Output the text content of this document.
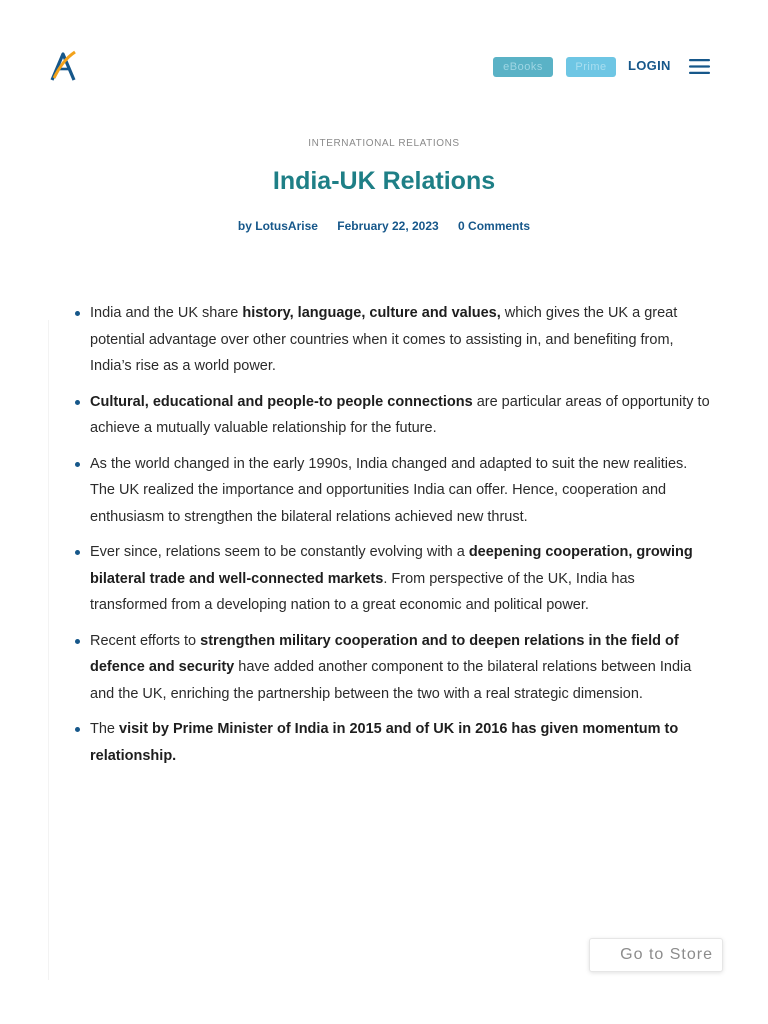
eBooks	Prime	LOGIN
INTERNATIONAL RELATIONS
India-UK Relations
by LotusArise February 22, 2023 0 Comments
India and the UK share history, language, culture and values, which gives the UK a great potential advantage over other countries when it comes to assisting in, and benefiting from, India’s rise as a world power.
Cultural, educational and people-to people connections are particular areas of opportunity to achieve a mutually valuable relationship for the future.
As the world changed in the early 1990s, India changed and adapted to suit the new realities. The UK realized the importance and opportunities India can offer. Hence, cooperation and enthusiasm to strengthen the bilateral relations achieved new thrust.
Ever since, relations seem to be constantly evolving with a deepening cooperation, growing bilateral trade and well-connected markets. From perspective of the UK, India has transformed from a developing nation to a great economic and political power.
Recent efforts to strengthen military cooperation and to deepen relations in the field of defence and security have added another component to the bilateral relations between India and the UK, enriching the partnership between the two with a real strategic dimension.
The visit by Prime Minister of India in 2015 and of UK in 2016 has given momentum to relationship.
Go to Store
